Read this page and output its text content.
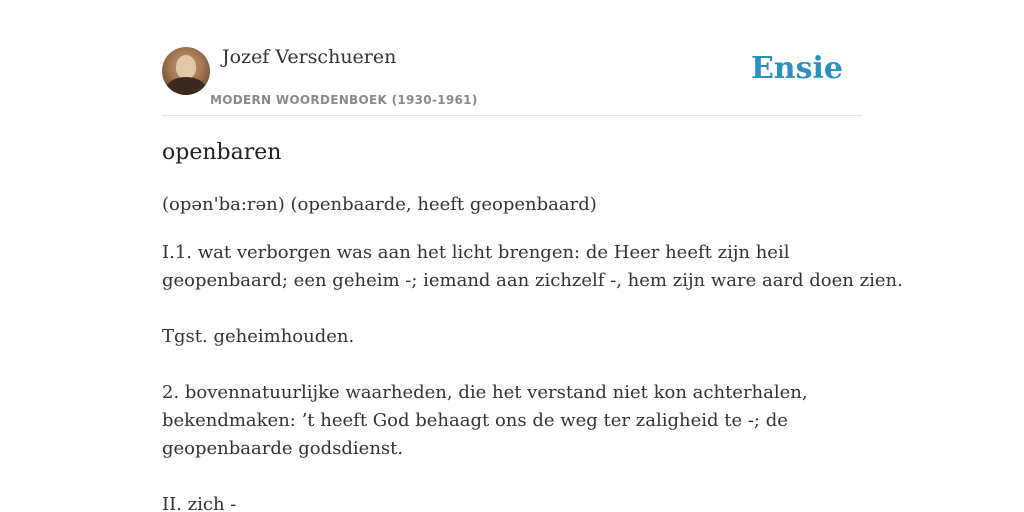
Jozef Verschueren
MODERN WOORDENBOEK (1930-1961)
Ensie
openbaren
(opən'ba:rən) (openbaarde, heeft geopenbaard)
I.1. wat verborgen was aan het licht brengen: de Heer heeft zijn heil
geopenbaard; een geheim -; iemand aan zichzelf -, hem zijn ware aard doen zien.
Tgst. geheimhouden.
2. bovennatuurlijke waarheden, die het verstand niet kon achterhalen,
bekendmaken: ’t heeft God behaagt ons de weg ter zaligheid te -; de
geopenbaarde godsdienst.
II. zich -
